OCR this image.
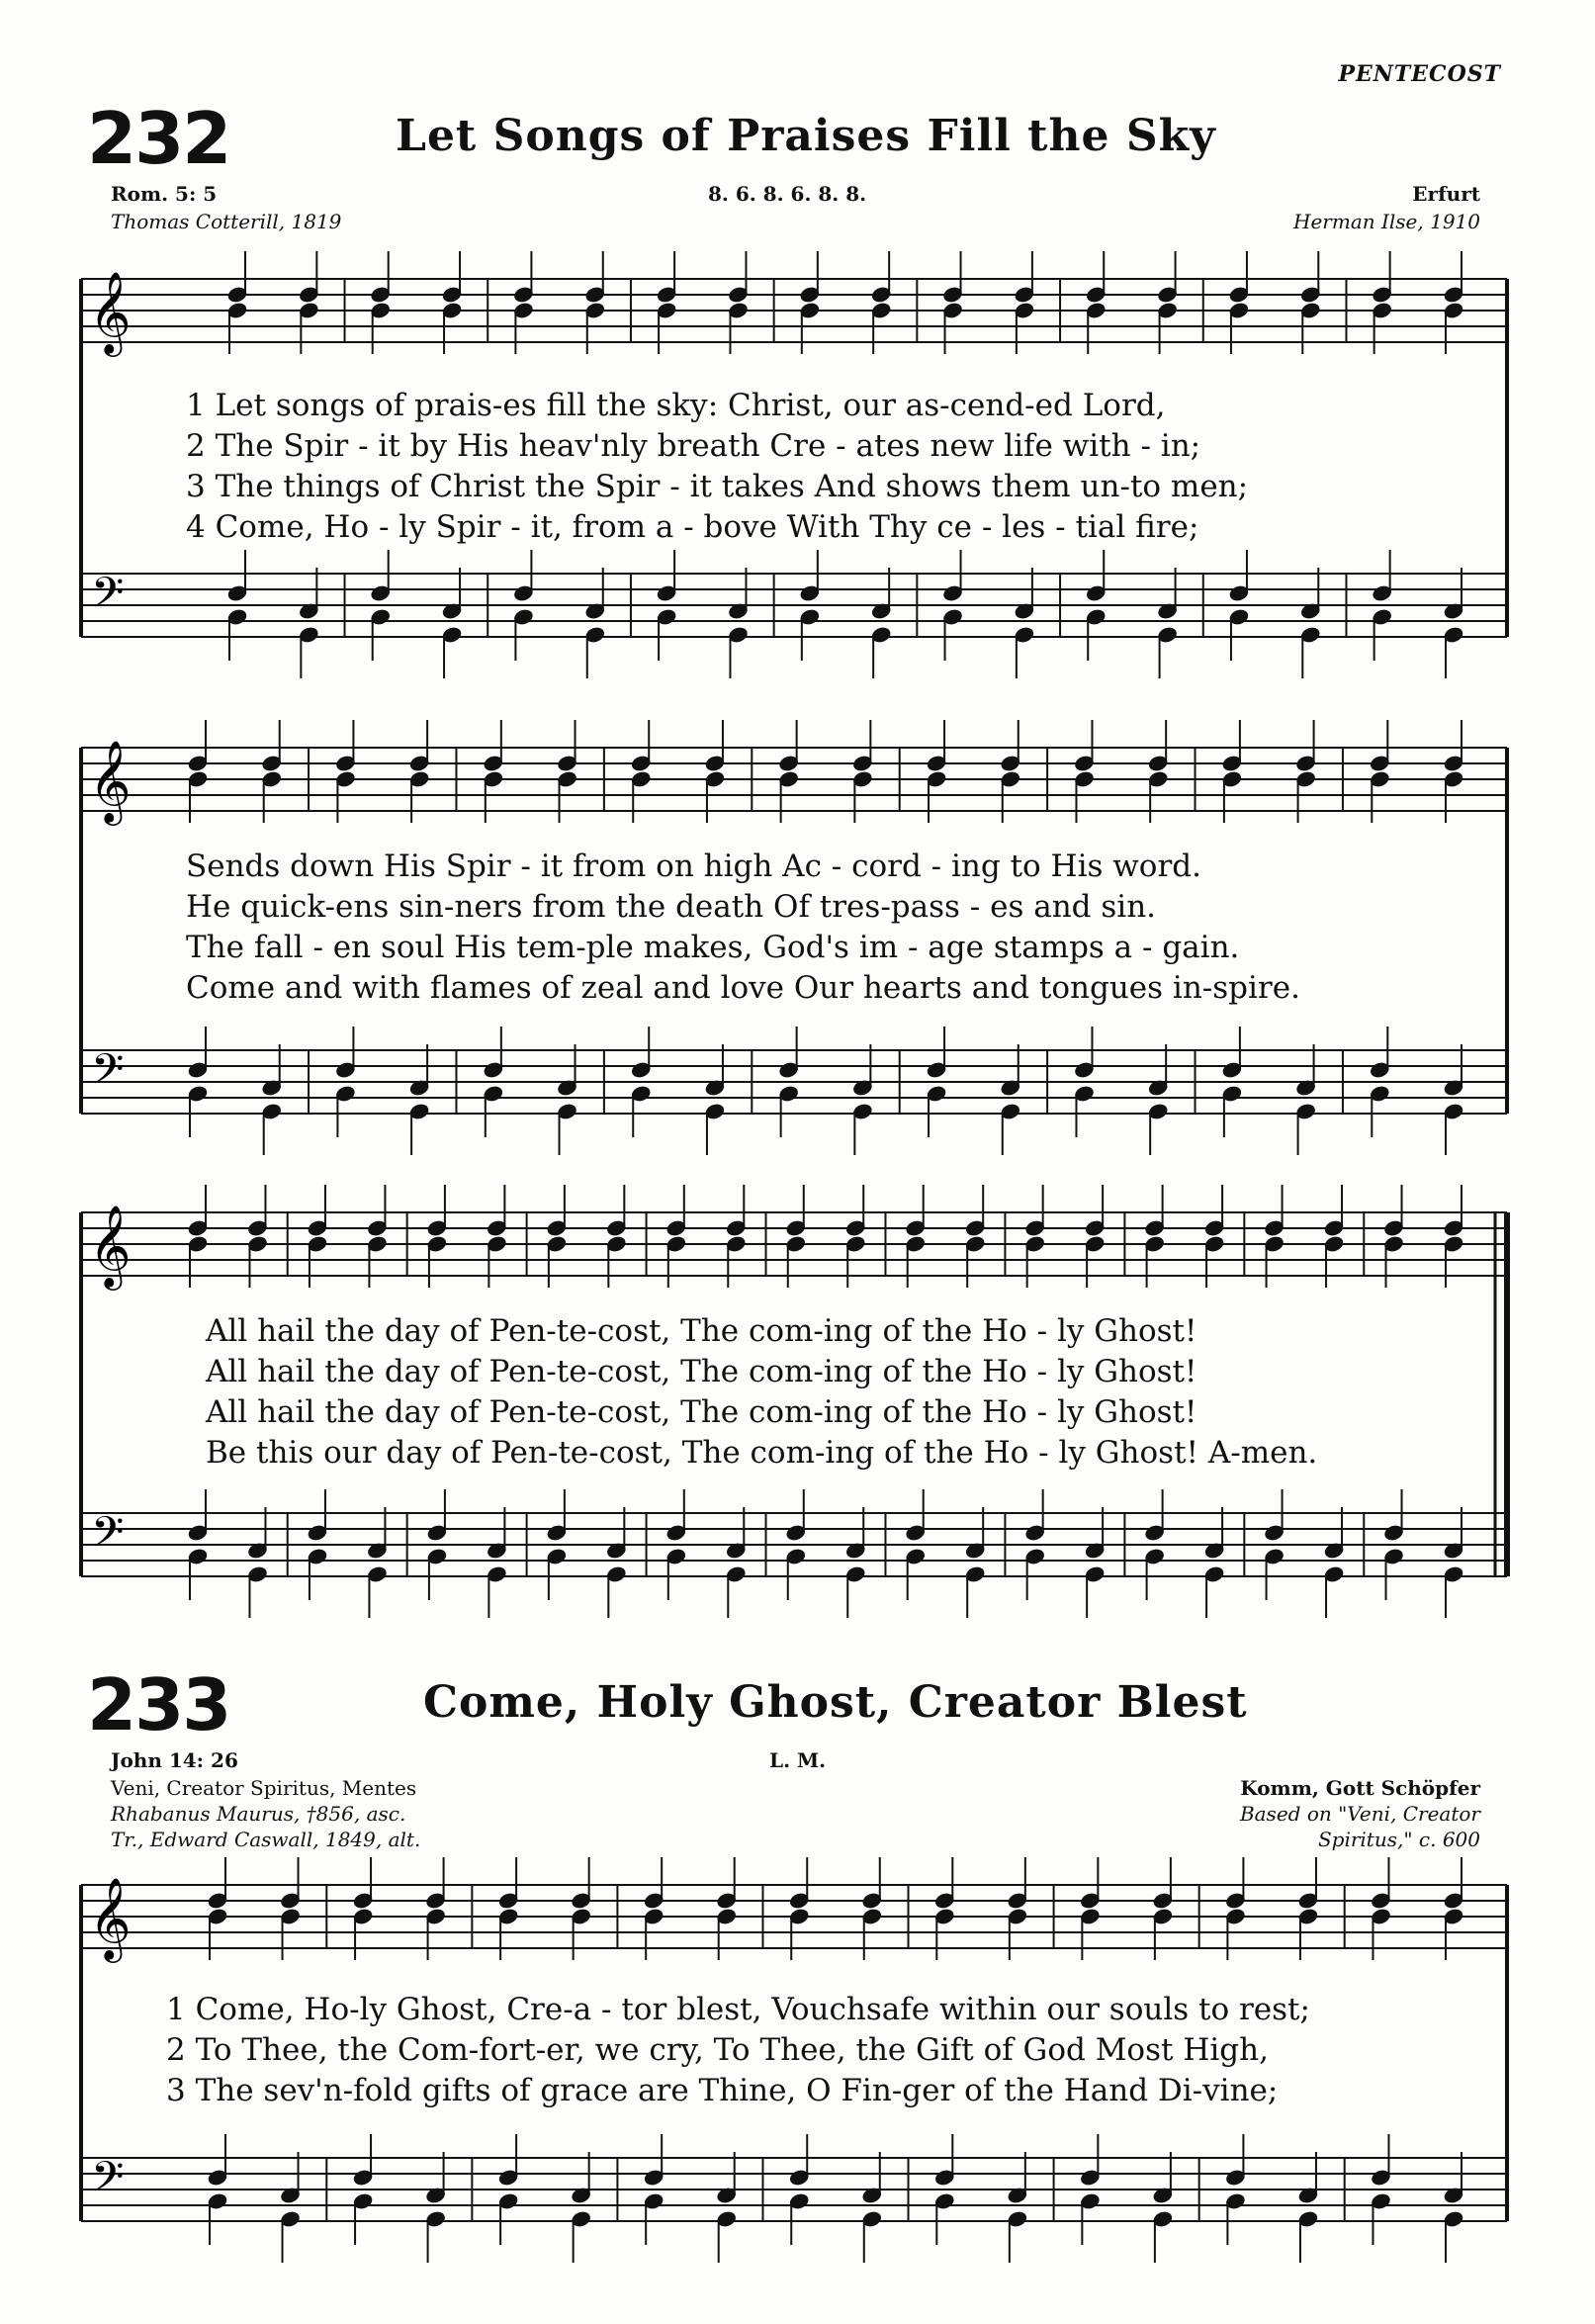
PENTECOST
232	Let Songs of Praises Fill the Sky
Rom. 5: 5	8. 6. 8. 6. 8. 8.	Erfurt
Thomas Cotterill, 1819	Herman Ilse, 1910
𝄞
𝄢
1 Let songs of prais-es fill the sky: Christ, our as-cend-ed Lord,
2 The Spir - it by His heav'nly breath Cre - ates new life with - in;
3 The things of Christ the Spir - it takes And shows them un-to men;
4 Come, Ho - ly Spir - it, from a - bove With Thy ce - les - tial fire;
𝄞
𝄢
Sends down His Spir - it from on high Ac - cord - ing to His word.
He quick-ens sin-ners from the death Of tres-pass - es and sin.
The fall - en soul His tem-ple makes, God's im - age stamps a - gain.
Come and with flames of zeal and love Our hearts and tongues in-spire.
𝄞
𝄢
All hail the day of Pen-te-cost, The com-ing of the Ho - ly Ghost!
All hail the day of Pen-te-cost, The com-ing of the Ho - ly Ghost!
All hail the day of Pen-te-cost, The com-ing of the Ho - ly Ghost!
Be this our day of Pen-te-cost, The com-ing of the Ho - ly Ghost! A-men.
233	Come, Holy Ghost, Creator Blest
John 14: 26	L. M.
Veni, Creator Spiritus, Mentes
Rhabanus Maurus, †856, asc.
Tr., Edward Caswall, 1849, alt.
Komm, Gott Schöpfer
Based on "Veni, Creator
Spiritus," c. 600
𝄞
𝄢
1 Come, Ho-ly Ghost, Cre-a - tor blest, Vouchsafe within our souls to rest;
2 To Thee, the Com-fort-er, we cry, To Thee, the Gift of God Most High,
3 The sev'n-fold gifts of grace are Thine, O Fin-ger of the Hand Di-vine;
